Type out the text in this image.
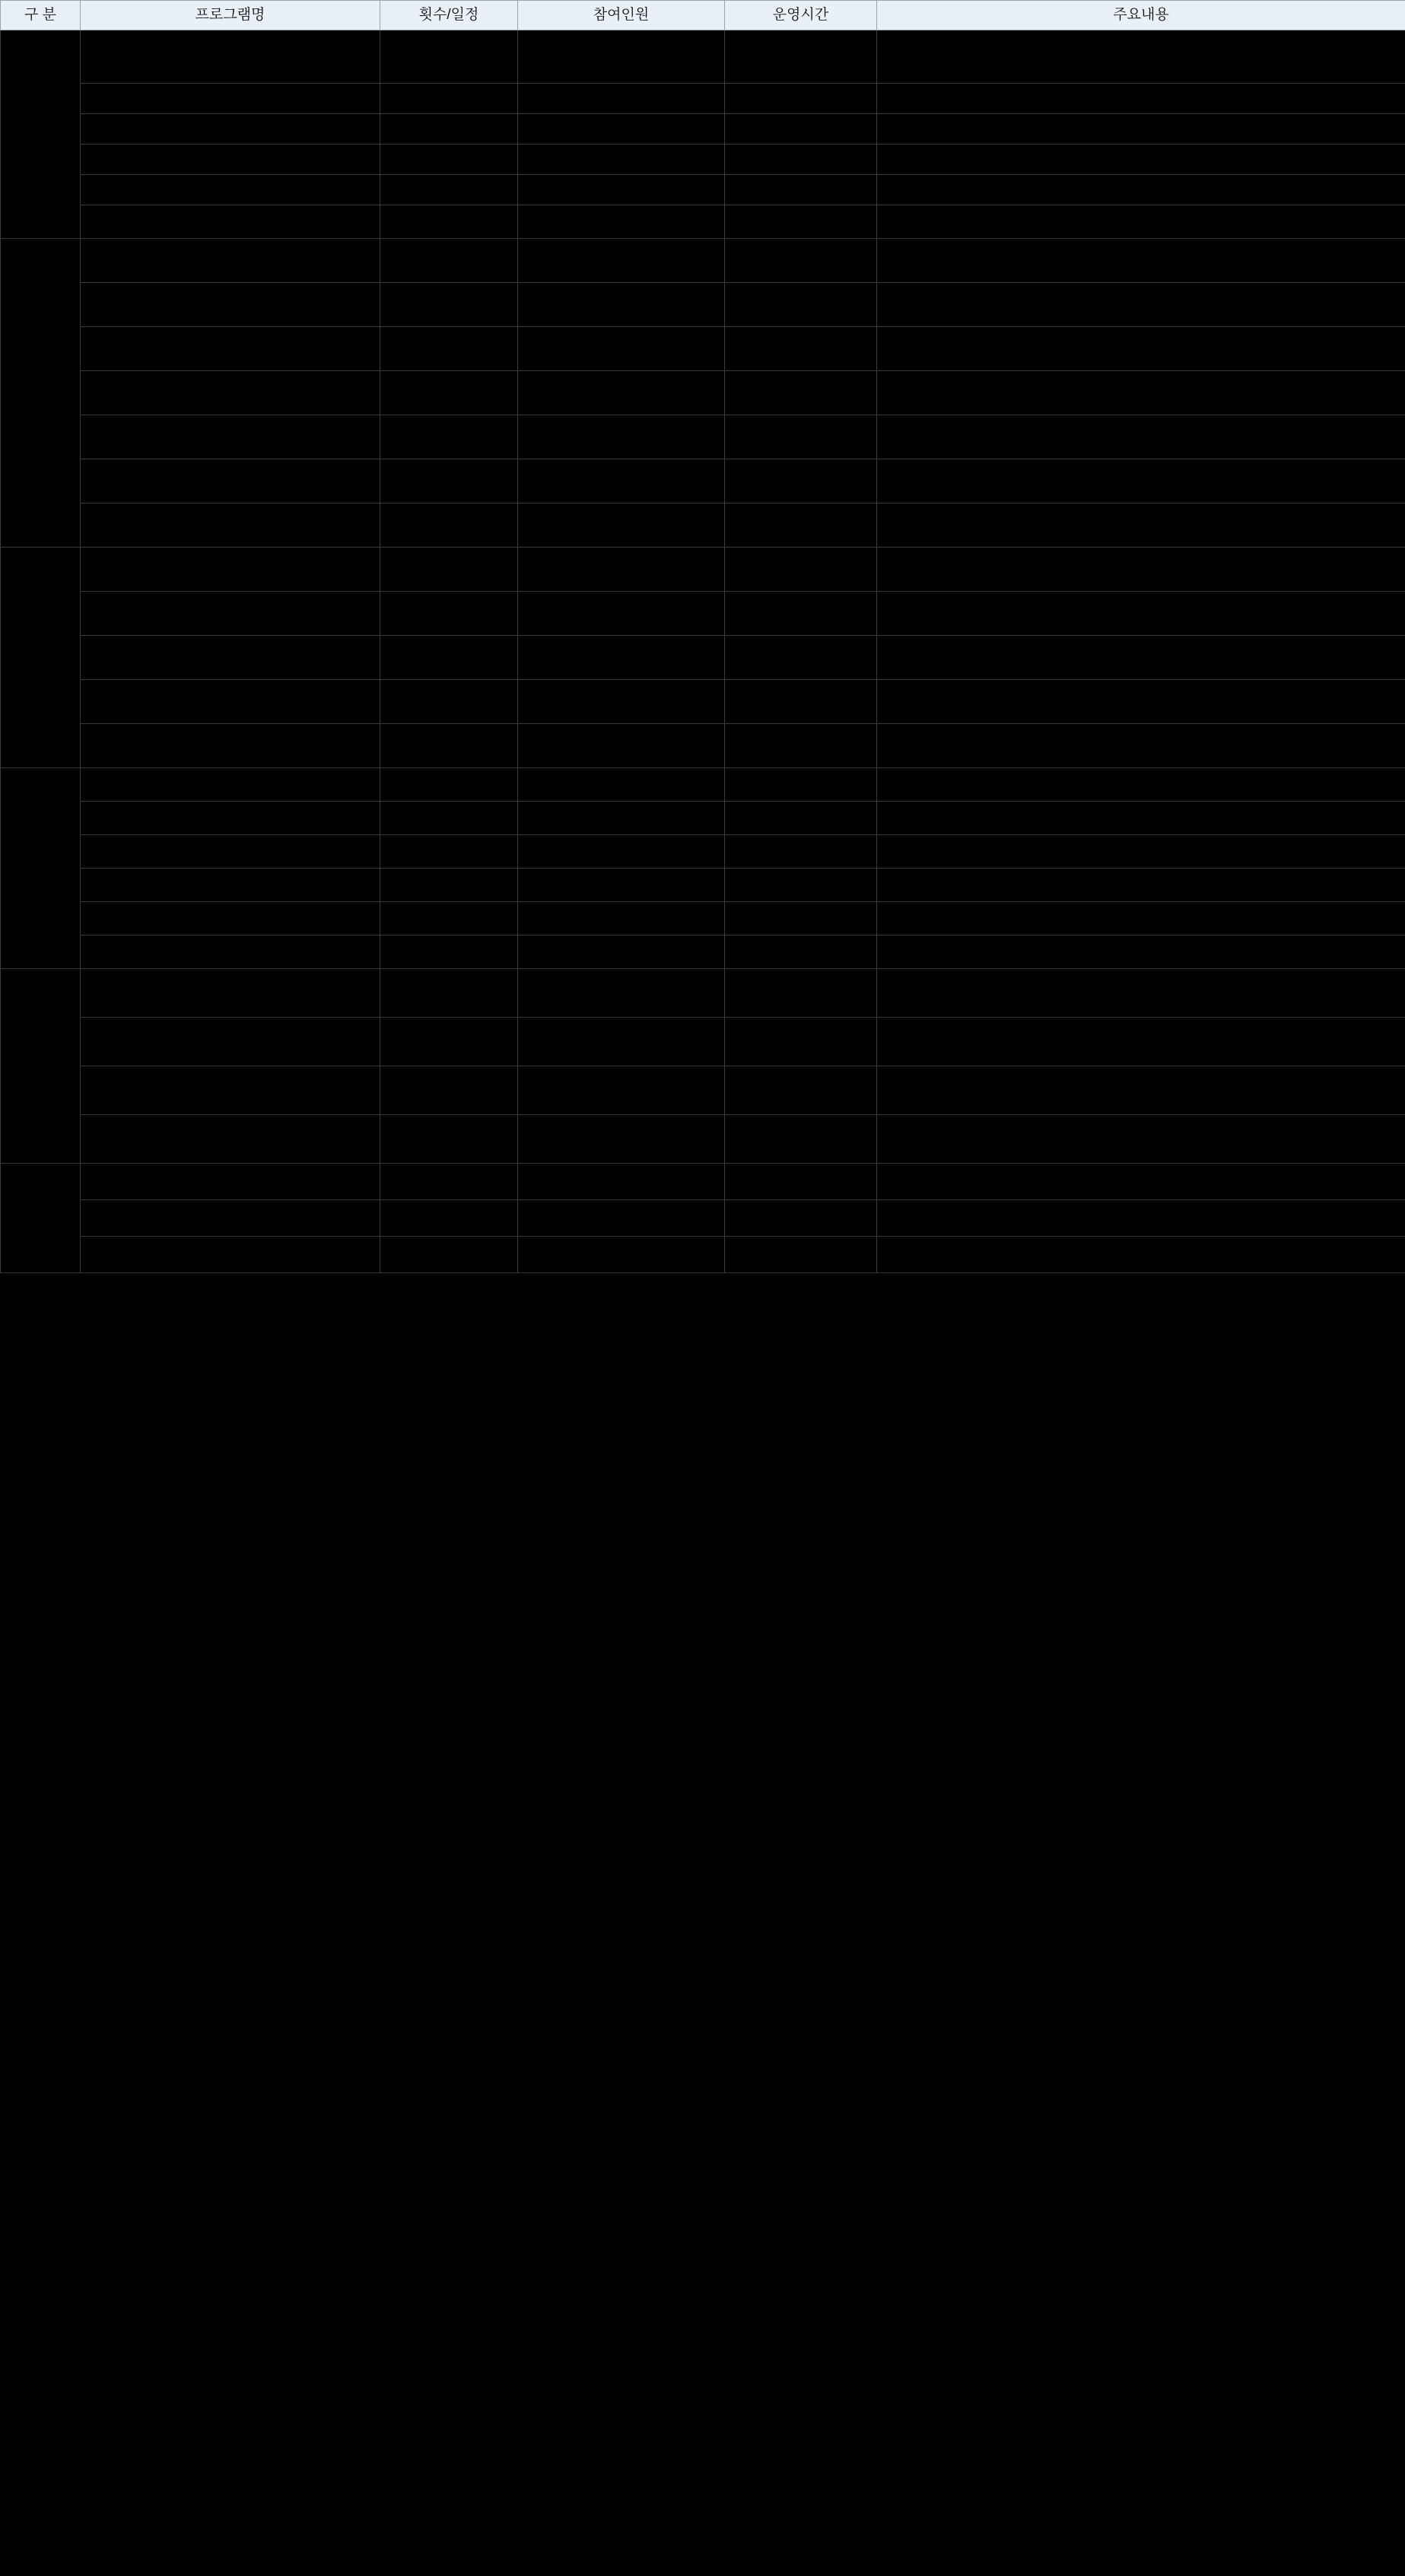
구 분	프로그램명	횟수/일정	참여인원	운영시간	주요내용
